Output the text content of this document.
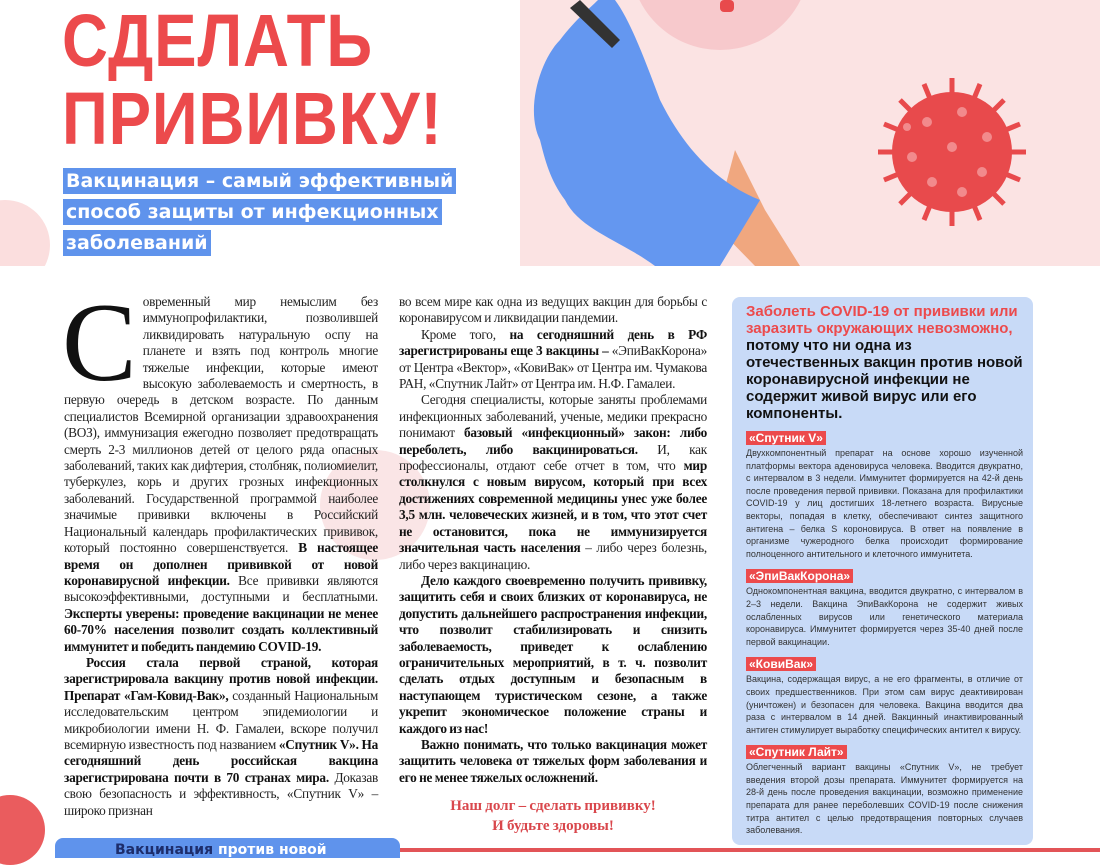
СДЕЛАТЬ
ПРИВИВКУ!
Вакцинация – самый эффективный способ защиты от инфекционных заболеваний

Современный мир немыслим без иммунопрофилактики, позволившей ликвидировать натуральную оспу на планете и взять под контроль многие тяжелые инфекции, которые имеют высокую заболеваемость и смертность, в первую очередь в детском возрасте. По данным специалистов Всемирной организации здравоохранения (ВОЗ), иммунизация ежегодно позволяет предотвращать смерть 2-3 миллионов детей от целого ряда опасных заболеваний, таких как дифтерия, столбняк, полиомиелит, туберкулез, корь и других грозных инфекционных заболеваний. Государственной программой наиболее значимые прививки включены в Российский Национальный календарь профилактических прививок, который постоянно совершенствуется. В настоящее время он дополнен прививкой от новой коронавирусной инфекции. Все прививки являются высокоэффективными, доступными и бесплатными. Эксперты уверены: проведение вакцинации не менее 60-70% населения позволит создать коллективный иммунитет и победить пандемию COVID-19.

Россия стала первой страной, которая зарегистрировала вакцину против новой инфекции. Препарат «Гам-Ковид-Вак», созданный Национальным исследовательским центром эпидемиологии и микробиологии имени Н. Ф. Гамалеи, вскоре получил всемирную известность под названием «Спутник V». На сегодняшний день российская вакцина зарегистрирована почти в 70 странах мира. Доказав свою безопасность и эффективность, «Спутник V» – широко признан

во всем мире как одна из ведущих вакцин для борьбы с коронавирусом и ликвидации пандемии.

Кроме того, на сегодняшний день в РФ зарегистрированы еще 3 вакцины – «ЭпиВакКорона» от Центра «Вектор», «КовиВак» от Центра им. Чумакова РАН, «Спутник Лайт» от Центра им. Н.Ф. Гамалеи.

Сегодня специалисты, которые заняты проблемами инфекционных заболеваний, ученые, медики прекрасно понимают базовый «инфекционный» закон: либо переболеть, либо вакцинироваться. И, как профессионалы, отдают себе отчет в том, что мир столкнулся с новым вирусом, который при всех достижениях современной медицины унес уже более 3,5 млн. человеческих жизней, и в том, что этот счет не остановится, пока не иммунизируется значительная часть населения – либо через болезнь, либо через вакцинацию.

Дело каждого своевременно получить прививку, защитить себя и своих близких от коронавируса, не допустить дальнейшего распространения инфекции, что позволит стабилизировать и снизить заболеваемость, приведет к ослаблению ограничительных мероприятий, в т. ч. позволит сделать отдых доступным и безопасным в наступающем туристическом сезоне, а также укрепит экономическое положение страны и каждого из нас!

Важно понимать, что только вакцинация может защитить человека от тяжелых форм заболевания и его не менее тяжелых осложнений.

Наш долг – сделать прививку!
И будьте здоровы!
Заболеть COVID-19 от прививки или заразить окружающих невозможно, потому что ни одна из отечественных вакцин против новой коронавирусной инфекции не содержит живой вирус или его компоненты.
«Спутник V»
Двухкомпонентный препарат на основе хорошо изученной платформы вектора аденовируса человека. Вводится двукратно, с интервалом в 3 недели. Иммунитет формируется на 42-й день после проведения первой прививки. Показана для профилактики COVID-19 у лиц достигших 18-летнего возраста. Вирусные векторы, попадая в клетку, обеспечивают синтез защитного антигена – белка S короновируса. В ответ на появление в организме чужеродного белка происходит формирование полноценного антительного и клеточного иммунитета.
«ЭпиВакКорона»
Однокомпонентная вакцина, вводится двукратно, с интервалом в 2–3 недели. Вакцина ЭпиВакКорона не содержит живых ослабленных вирусов или генетического материала коронавируса. Иммунитет формируется через 35-40 дней после первой вакцинации.
«КовиВак»
Вакцина, содержащая вирус, а не его фрагменты, в отличие от своих предшественников. При этом сам вирус деактивирован (уничтожен) и безопасен для человека. Вакцина вводится два раза с интервалом в 14 дней. Вакцинный инактивированный антиген стимулирует выработку специфических антител к вирусу.
«Спутник Лайт»
Облегченный вариант вакцины «Спутник V», не требует введения второй дозы препарата. Иммунитет формируется на 28-й день после проведения вакцинации, возможно применение препарата для ранее переболевших COVID-19 после снижения титра антител с целью предотвращения повторных случаев заболевания.
Вакцинация против новой
